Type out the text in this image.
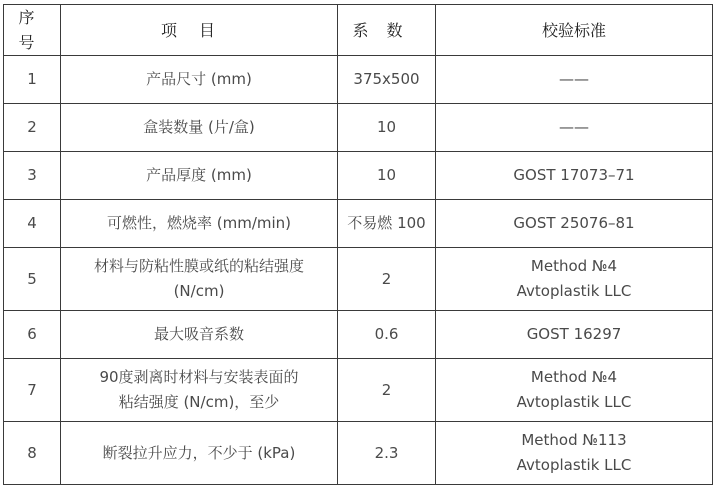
序号	项目	系数	校验标准
1	产品尺寸 (mm)	375x500	——

2	盒装数量 (片/盒)	10	——

3	产品厚度 (mm)	10	GOST 17073–71

4	可燃性，燃烧率 (mm/min)	不易燃 100	GOST 25076–81

5	材料与防粘性膜或纸的粘结强度
(N/cm)	2	Method №4
Avtoplastik LLC

6	最大吸音系数	0.6	GOST 16297

7	90度剥离时材料与安装表面的
粘结强度 (N/cm)，至少	2	Method №4
Avtoplastik LLC

8	断裂拉升应力，不少于 (kPa)	2.3	Method №113
Avtoplastik LLC
